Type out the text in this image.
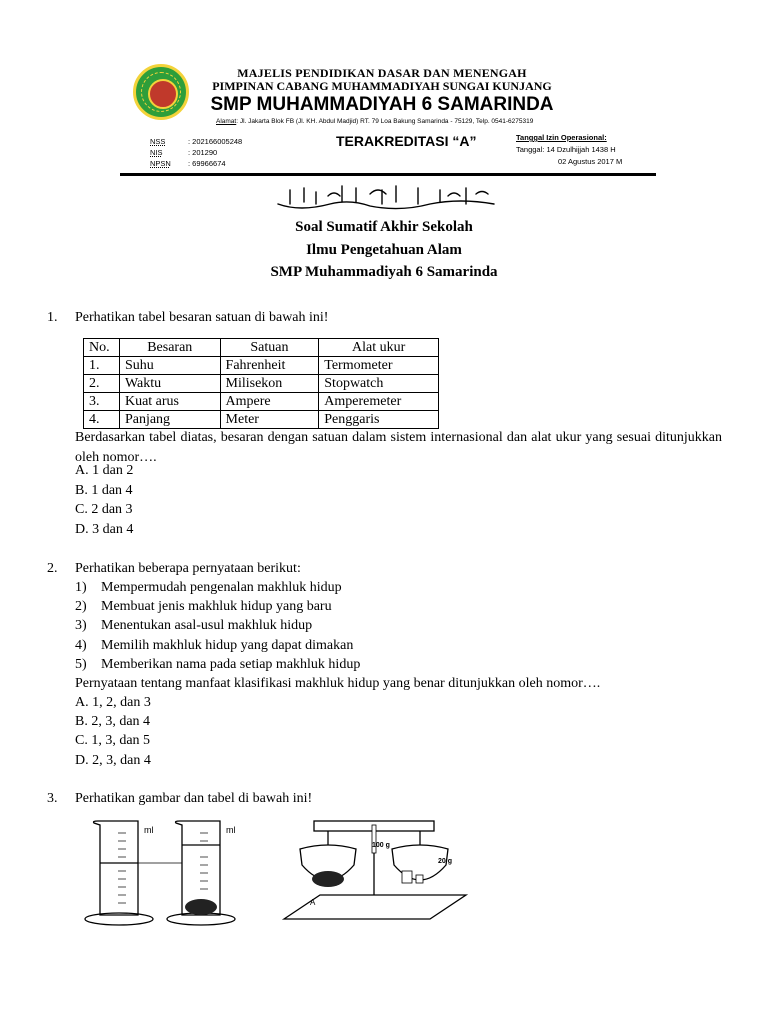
MAJELIS PENDIDIKAN DASAR DAN MENENGAH
PIMPINAN CABANG MUHAMMADIYAH SUNGAI KUNJANG
SMP MUHAMMADIYAH 6 SAMARINDA
Alamat: Jl. Jakarta Blok FB (Jl. KH. Abdul Madjid) RT. 79 Loa Bakung Samarinda - 75129, Telp. 0541-6275319
NSS	: 202166005248
NIS	: 201290
NPSN : 69966674
TERAKREDITASI “A”	Tanggal Izin Operasional:
Tanggal: 14 Dzulhijjah 1438 H
02 Agustus 2017 M
Soal Sumatif Akhir Sekolah
Ilmu Pengetahuan Alam
SMP Muhammadiyah 6 Samarinda
1. Perhatikan tabel besaran satuan di bawah ini!
No.	Besaran	Satuan	Alat ukur
1.	Suhu	Fahrenheit	Termometer
2.	Waktu	Milisekon	Stopwatch
3.	Kuat arus	Ampere	Amperemeter
4.	Panjang	Meter	Penggaris
Berdasarkan tabel diatas, besaran dengan satuan dalam sistem internasional dan alat ukur yang sesuai ditunjukkan oleh nomor….
A. 1 dan 2
B. 1 dan 4
C. 2 dan 3
D. 3 dan 4
2. Perhatikan beberapa pernyataan berikut:
1) Mempermudah pengenalan makhluk hidup
2) Membuat jenis makhluk hidup yang baru
3) Menentukan asal-usul makhluk hidup
4) Memilih makhluk hidup yang dapat dimakan
5) Memberikan nama pada setiap makhluk hidup
Pernyataan tentang manfaat klasifikasi makhluk hidup yang benar ditunjukkan oleh nomor….
A. 1, 2, dan 3
B. 2, 3, dan 4
C. 1, 3, dan 5
D. 2, 3, dan 4
3. Perhatikan gambar dan tabel di bawah ini!
ml	ml
100 g
20 g
A
